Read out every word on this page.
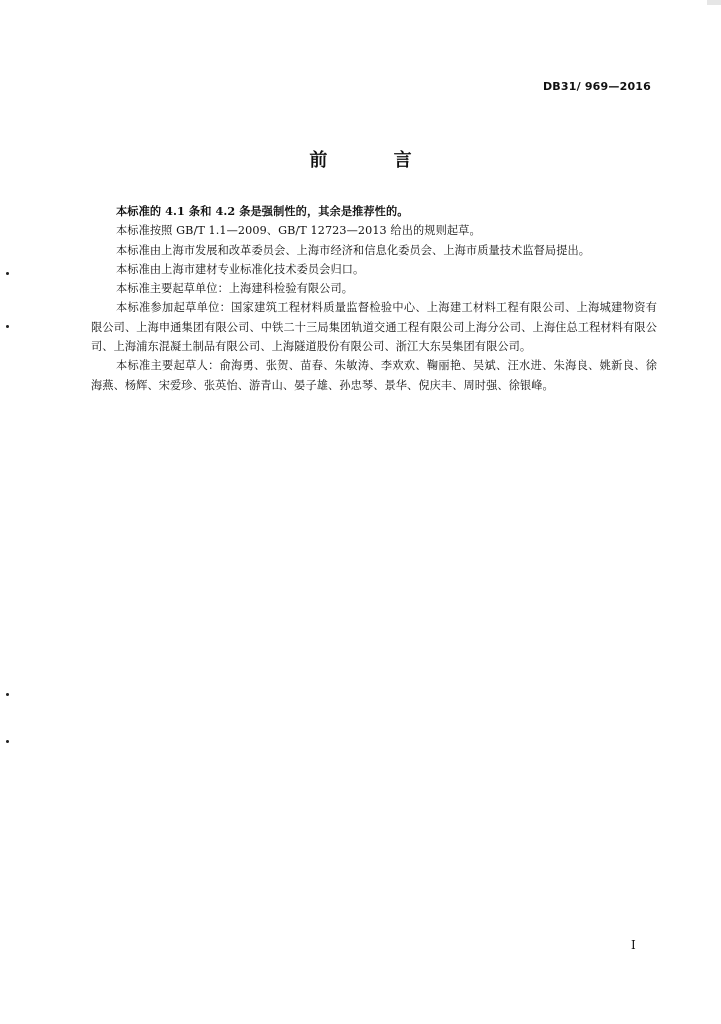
DB31/ 969—2016
前 言

本标准的 4.1 条和 4.2 条是强制性的，其余是推荐性的。

本标准按照 GB/T 1.1—2009、GB/T 12723—2013 给出的规则起草。

本标准由上海市发展和改革委员会、上海市经济和信息化委员会、上海市质量技术监督局提出。

本标准由上海市建材专业标准化技术委员会归口。

本标准主要起草单位：上海建科检验有限公司。

本标准参加起草单位：国家建筑工程材料质量监督检验中心、上海建工材料工程有限公司、上海城建物资有限公司、上海申通集团有限公司、中铁二十三局集团轨道交通工程有限公司上海分公司、上海住总工程材料有限公司、上海浦东混凝土制品有限公司、上海隧道股份有限公司、浙江大东吴集团有限公司。

本标准主要起草人：俞海勇、张贺、苗春、朱敏涛、李欢欢、鞠丽艳、吴斌、汪水进、朱海良、姚新良、徐海燕、杨辉、宋爱珍、张英怡、游青山、晏子雄、孙忠琴、景华、倪庆丰、周时强、徐银峰。

I
